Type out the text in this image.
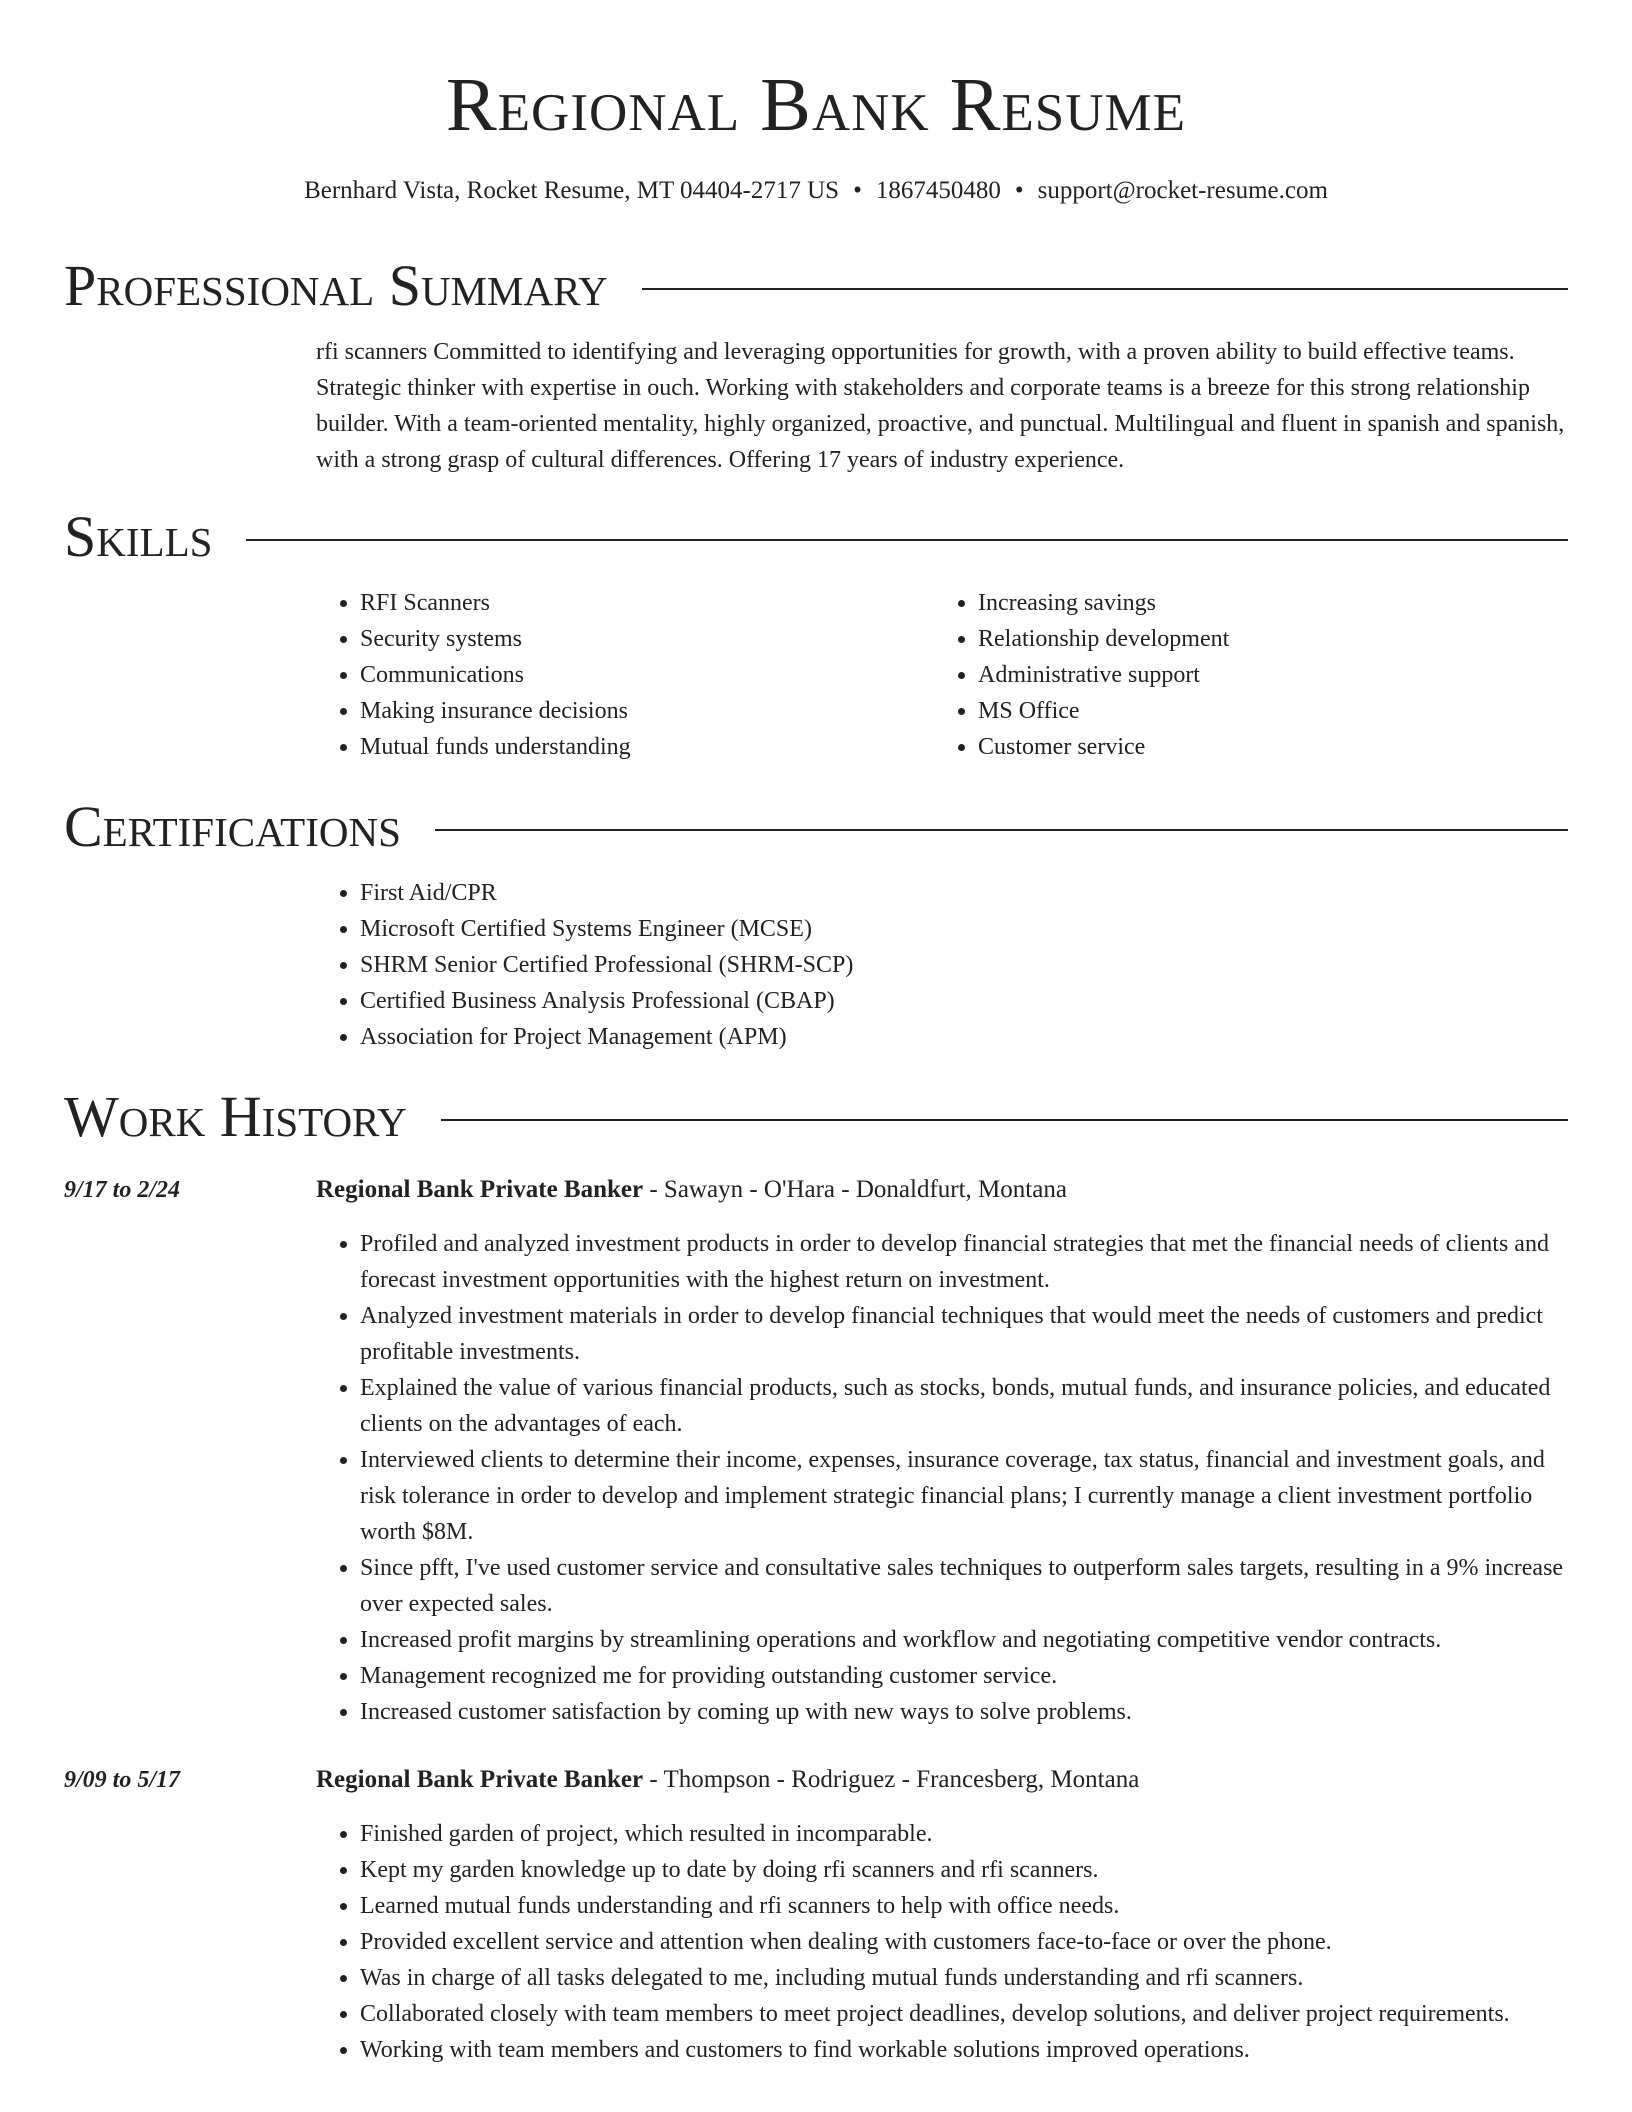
Regional Bank Resume
Bernhard Vista, Rocket Resume, MT 04404-2717 US • 1867450480 • support@rocket-resume.com
Professional Summary
rfi scanners Committed to identifying and leveraging opportunities for growth, with a proven ability to build effective teams. Strategic thinker with expertise in ouch. Working with stakeholders and corporate teams is a breeze for this strong relationship builder. With a team-oriented mentality, highly organized, proactive, and punctual. Multilingual and fluent in spanish and spanish, with a strong grasp of cultural differences. Offering 17 years of industry experience.
Skills
• RFI Scanners
• Security systems
• Communications
• Making insurance decisions
• Mutual funds understanding
• Increasing savings
• Relationship development
• Administrative support
• MS Office
• Customer service
Certifications
• First Aid/CPR
• Microsoft Certified Systems Engineer (MCSE)
• SHRM Senior Certified Professional (SHRM-SCP)
• Certified Business Analysis Professional (CBAP)
• Association for Project Management (APM)
Work History
9/17 to 2/24	Regional Bank Private Banker - Sawayn - O'Hara - Donaldfurt, Montana
• Profiled and analyzed investment products in order to develop financial strategies that met the financial needs of clients and forecast investment opportunities with the highest return on investment.
• Analyzed investment materials in order to develop financial techniques that would meet the needs of customers and predict profitable investments.
• Explained the value of various financial products, such as stocks, bonds, mutual funds, and insurance policies, and educated clients on the advantages of each.
• Interviewed clients to determine their income, expenses, insurance coverage, tax status, financial and investment goals, and risk tolerance in order to develop and implement strategic financial plans; I currently manage a client investment portfolio worth $8M.
• Since pfft, I've used customer service and consultative sales techniques to outperform sales targets, resulting in a 9% increase over expected sales.
• Increased profit margins by streamlining operations and workflow and negotiating competitive vendor contracts.
• Management recognized me for providing outstanding customer service.
• Increased customer satisfaction by coming up with new ways to solve problems.
9/09 to 5/17	Regional Bank Private Banker - Thompson - Rodriguez - Francesberg, Montana
• Finished garden of project, which resulted in incomparable.
• Kept my garden knowledge up to date by doing rfi scanners and rfi scanners.
• Learned mutual funds understanding and rfi scanners to help with office needs.
• Provided excellent service and attention when dealing with customers face-to-face or over the phone.
• Was in charge of all tasks delegated to me, including mutual funds understanding and rfi scanners.
• Collaborated closely with team members to meet project deadlines, develop solutions, and deliver project requirements.
• Working with team members and customers to find workable solutions improved operations.
